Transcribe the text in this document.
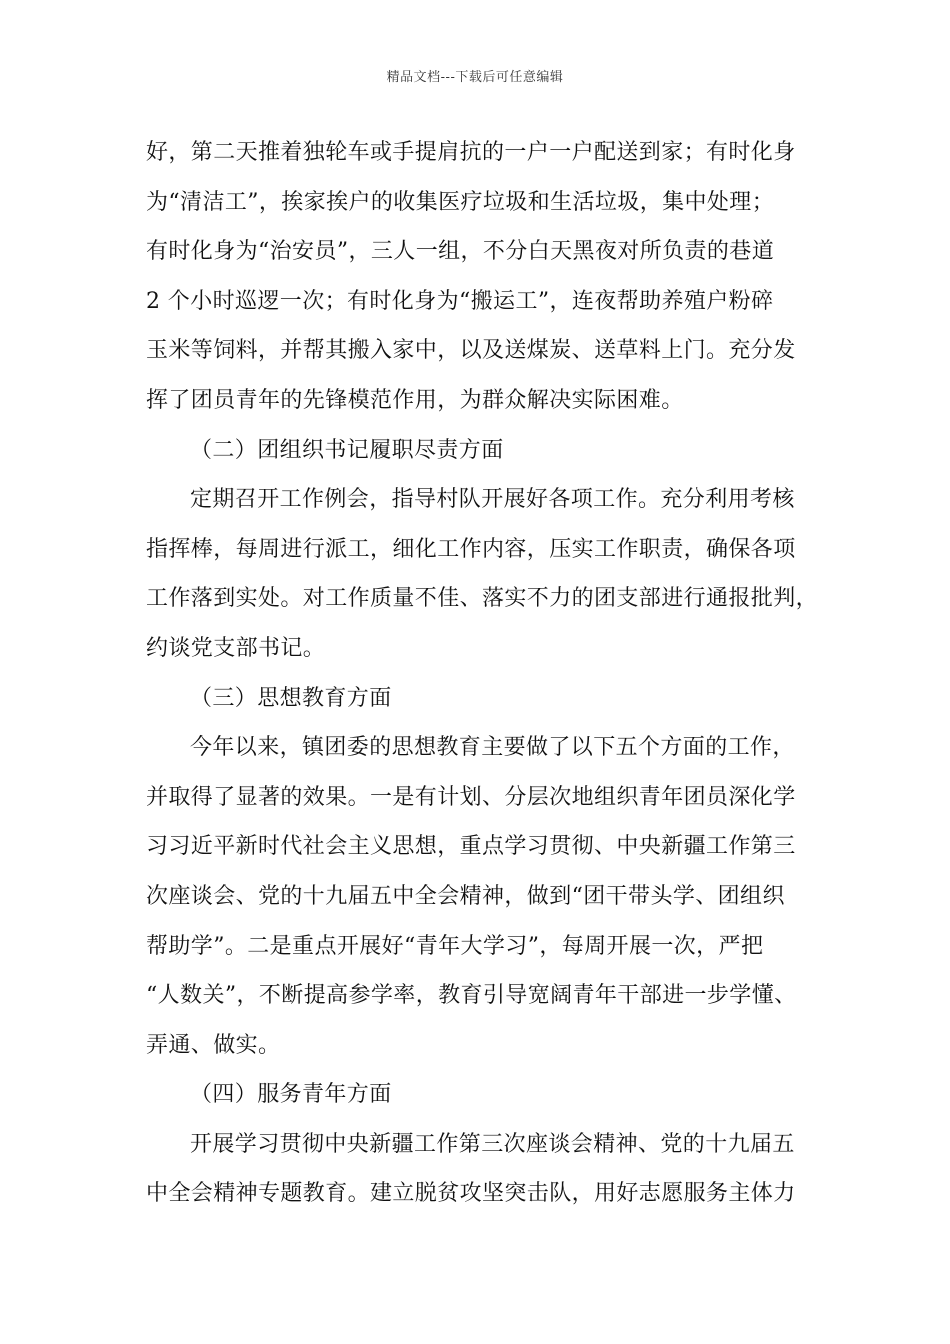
精品文档---下载后可任意编辑
好，第二天推着独轮车或手提肩抗的一户一户配送到家；有时化身
为“清洁工”，挨家挨户的收集医疗垃圾和生活垃圾，集中处理；
有时化身为“治安员”，三人一组，不分白天黑夜对所负责的巷道
2 个小时巡逻一次；有时化身为“搬运工”，连夜帮助养殖户粉碎
玉米等饲料，并帮其搬入家中，以及送煤炭、送草料上门。充分发
挥了团员青年的先锋模范作用，为群众解决实际困难。
（二）团组织书记履职尽责方面
定期召开工作例会，指导村队开展好各项工作。充分利用考核
指挥棒，每周进行派工，细化工作内容，压实工作职责，确保各项
工作落到实处。对工作质量不佳、落实不力的团支部进行通报批判，
约谈党支部书记。
（三）思想教育方面
今年以来，镇团委的思想教育主要做了以下五个方面的工作，
并取得了显著的效果。一是有计划、分层次地组织青年团员深化学
习习近平新时代社会主义思想，重点学习贯彻、中央新疆工作第三
次座谈会、党的十九届五中全会精神，做到“团干带头学、团组织
帮助学”。二是重点开展好“青年大学习”，每周开展一次，严把
“人数关”，不断提高参学率，教育引导宽阔青年干部进一步学懂、
弄通、做实。
（四）服务青年方面
开展学习贯彻中央新疆工作第三次座谈会精神、党的十九届五
中全会精神专题教育。建立脱贫攻坚突击队，用好志愿服务主体力
